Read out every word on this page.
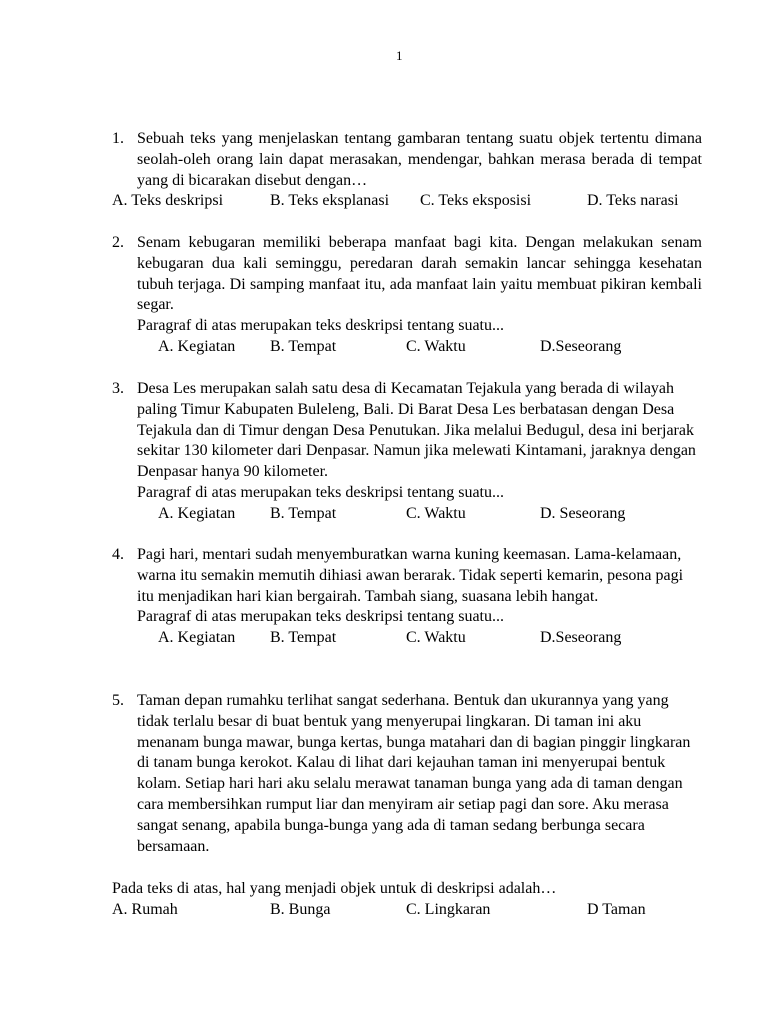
1
1. Sebuah teks yang menjelaskan tentang gambaran tentang suatu objek tertentu dimana seolah-oleh orang lain dapat merasakan, mendengar, bahkan merasa berada di tempat yang di bicarakan disebut dengan…
A. Teks deskripsi	B. Teks eksplanasi C. Teks eksposisi	D. Teks narasi
2. Senam kebugaran memiliki beberapa manfaat bagi kita. Dengan melakukan senam kebugaran dua kali seminggu, peredaran darah semakin lancar sehingga kesehatan tubuh terjaga. Di samping manfaat itu, ada manfaat lain yaitu membuat pikiran kembali segar.
Paragraf di atas merupakan teks deskripsi tentang suatu...
A. Kegiatan B. Tempat	C. Waktu	D.Seseorang
3. Desa Les merupakan salah satu desa di Kecamatan Tejakula yang berada di wilayah paling Timur Kabupaten Buleleng, Bali. Di Barat Desa Les berbatasan dengan Desa Tejakula dan di Timur dengan Desa Penutukan. Jika melalui Bedugul, desa ini berjarak sekitar 130 kilometer dari Denpasar. Namun jika melewati Kintamani, jaraknya dengan Denpasar hanya 90 kilometer.
Paragraf di atas merupakan teks deskripsi tentang suatu...
A. Kegiatan B. Tempat	C. Waktu	D. Seseorang
4. Pagi hari, mentari sudah menyemburatkan warna kuning keemasan. Lama-kelamaan, warna itu semakin memutih dihiasi awan berarak. Tidak seperti kemarin, pesona pagi itu menjadikan hari kian bergairah. Tambah siang, suasana lebih hangat.
Paragraf di atas merupakan teks deskripsi tentang suatu...
A. Kegiatan B. Tempat	C. Waktu	D.Seseorang
5. Taman depan rumahku terlihat sangat sederhana. Bentuk dan ukurannya yang yang tidak terlalu besar di buat bentuk yang menyerupai lingkaran. Di taman ini aku menanam bunga mawar, bunga kertas, bunga matahari dan di bagian pinggir lingkaran di tanam bunga kerokot. Kalau di lihat dari kejauhan taman ini menyerupai bentuk kolam. Setiap hari hari aku selalu merawat tanaman bunga yang ada di taman dengan cara membersihkan rumput liar dan menyiram air setiap pagi dan sore. Aku merasa sangat senang, apabila bunga-bunga yang ada di taman sedang berbunga secara bersamaan.
Pada teks di atas, hal yang menjadi objek untuk di deskripsi adalah…
A. Rumah	B. Bunga	C. Lingkaran	D Taman
